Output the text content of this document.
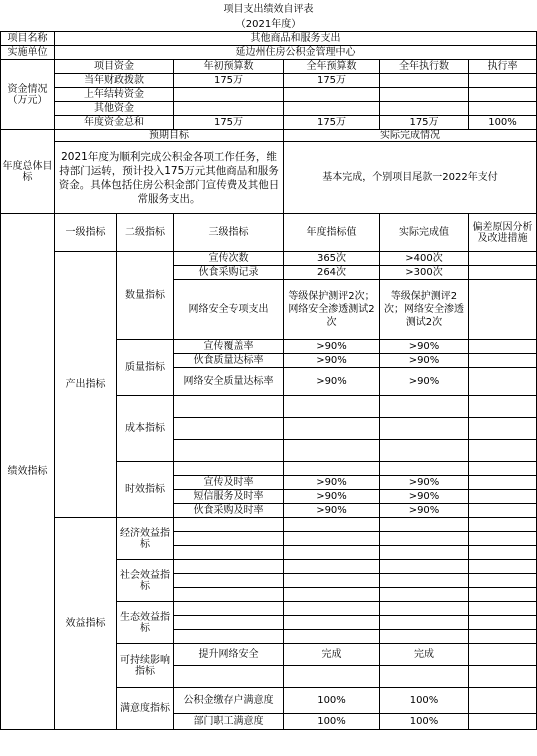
项目支出绩效自评表						
（2021年度）						
项目名称	其他商品和服务支出					
实施单位	延边州住房公积金管理中心					
资金情况（万元）	项目资金		年初预算数	全年预算数	全年执行数	执行率
	当年财政拨款		175万	175万		
	上年结转资金					
	其他资金					
	年度资金总和		175万	175万	175万	100%
年度总体目标	预期目标			实际完成情况		
	2021年度为顺利完成公积金各项工作任务，维持部门运转，预计投入175万元其他商品和服务资金。具体包括住房公积金部门宣传费及其他日常服务支出。			基本完成，个别项目尾款一2022年支付		
绩效指标	一级指标	二级指标	三级指标	年度指标值	实际完成值	偏差原因分析及改进措施
	产出指标	数量指标	宣传次数	365次	>400次	
			伙食采购记录	264次	>300次	
			网络安全专项支出	等级保护测评2次；网络安全渗透测试2次	等级保护测评2次；网络安全渗透测试2次	
		质量指标	宣传覆盖率	>90%	>90%	
			伙食质量达标率	>90%	>90%	
			网络安全质量达标率	>90%	>90%	
		成本指标				

		时效指标				
			宣传及时率	>90%	>90%	
			短信服务及时率	>90%	>90%	
			伙食采购及时率	>90%	>90%	
	效益指标	经济效益指标				

		社会效益指标				

		生态效益指标				

		可持续影响指标	提升网络安全	完成	完成	

		满意度指标	公积金缴存户满意度	100%	100%	
			部门职工满意度	100%	100%	
